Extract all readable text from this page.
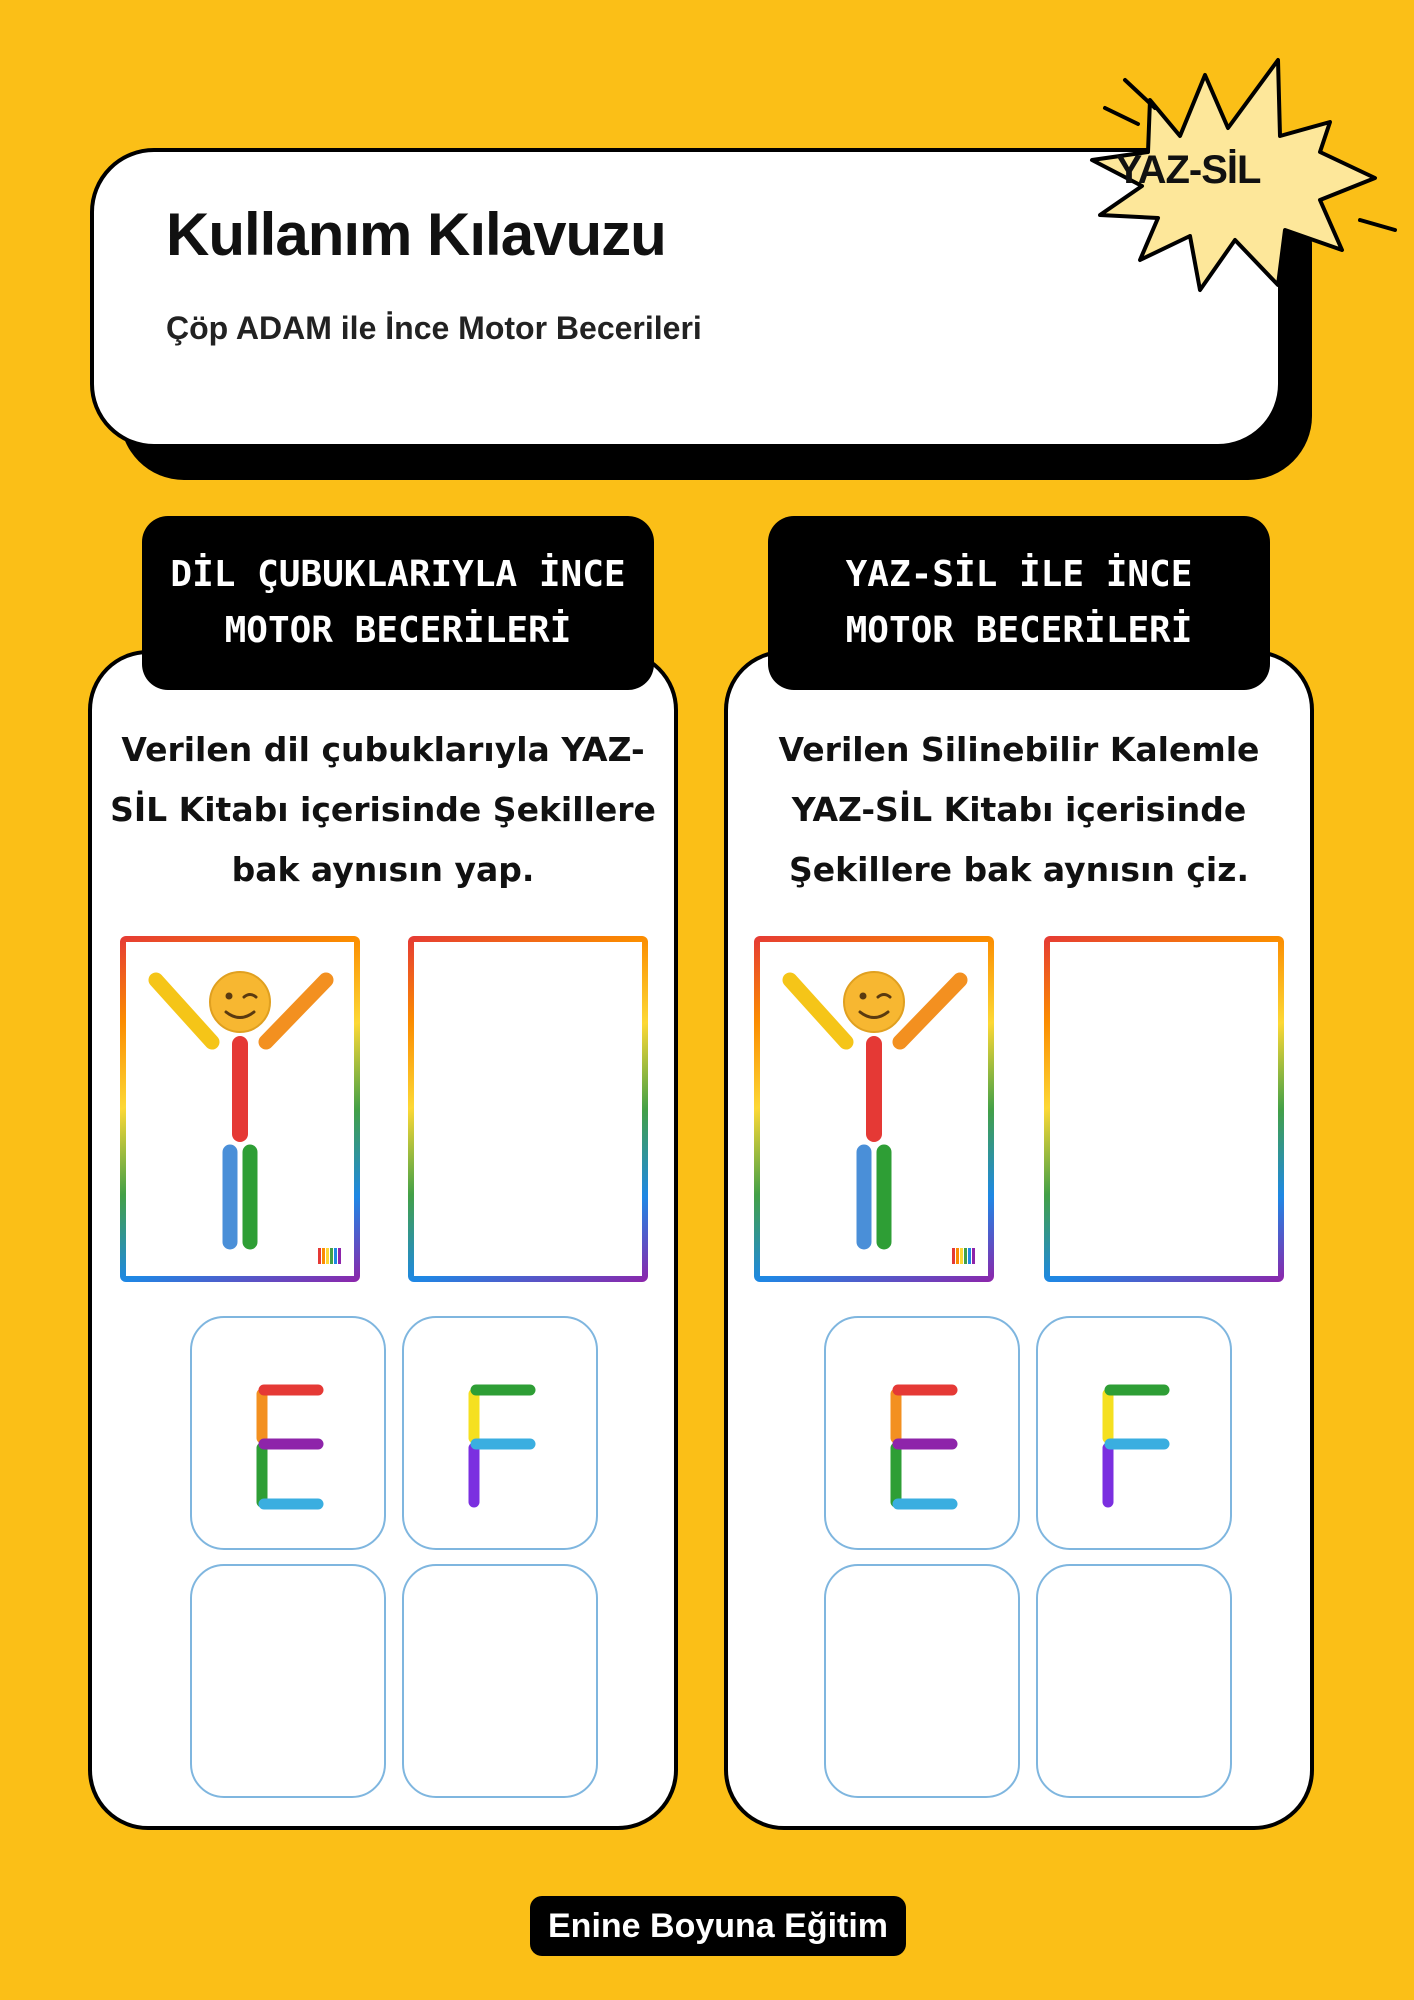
Kullanım Kılavuzu
Çöp ADAM ile İnce Motor Becerileri
YAZ-SİL
DİL ÇUBUKLARIYLA İNCE
MOTOR BECERİLERİ
Verilen dil çubuklarıyla YAZ-
SİL Kitabı içerisinde Şekillere
bak aynısın yap.
YAZ-SİL İLE İNCE
MOTOR BECERİLERİ
Verilen Silinebilir Kalemle
YAZ-SİL Kitabı içerisinde
Şekillere bak aynısın çiz.
Enine Boyuna Eğitim
